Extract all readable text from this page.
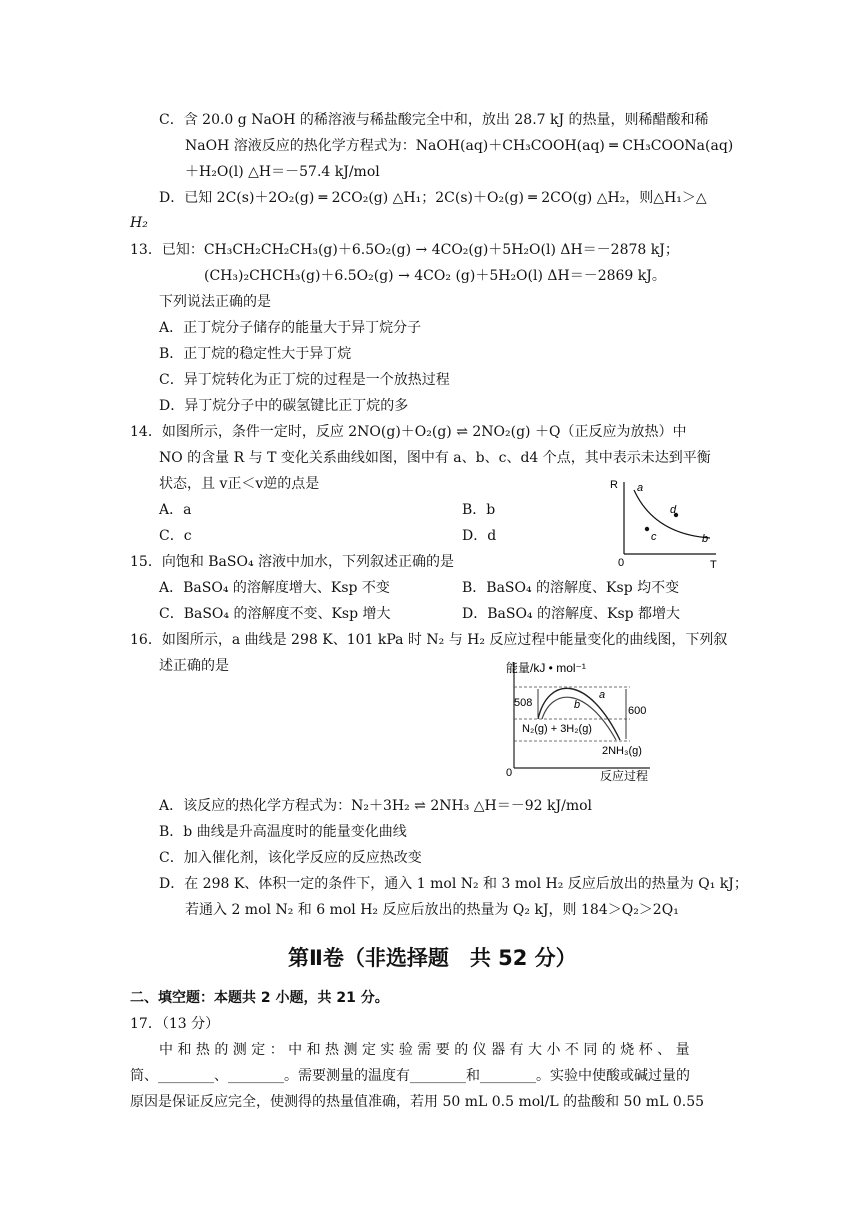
C．含 20.0 g NaOH 的稀溶液与稀盐酸完全中和，放出 28.7 kJ 的热量，则稀醋酸和稀
NaOH 溶液反应的热化学方程式为：NaOH(aq)＋CH₃COOH(aq) ═ CH₃COONa(aq)
＋H₂O(l) △H＝－57.4 kJ/mol
D．已知 2C(s)＋2O₂(g) ═ 2CO₂(g) △H₁；2C(s)＋O₂(g) ═ 2CO(g) △H₂，则△H₁＞△
H₂
13．已知：CH₃CH₂CH₂CH₃(g)＋6.5O₂(g) → 4CO₂(g)＋5H₂O(l) ΔH＝－2878 kJ；
(CH₃)₂CHCH₃(g)＋6.5O₂(g) → 4CO₂ (g)＋5H₂O(l) ΔH＝－2869 kJ。
下列说法正确的是
A．正丁烷分子储存的能量大于异丁烷分子
B．正丁烷的稳定性大于异丁烷
C．异丁烷转化为正丁烷的过程是一个放热过程
D．异丁烷分子中的碳氢键比正丁烷的多
14．如图所示，条件一定时，反应 2NO(g)＋O₂(g) ⇌ 2NO₂(g) ＋Q（正反应为放热）中
NO 的含量 R 与 T 变化关系曲线如图，图中有 a、b、c、d4 个点，其中表示未达到平衡
状态，且 v正＜v逆的点是
A．a	B．b
C．c	D．d
R
T
0
a
b
c
d
15．向饱和 BaSO₄ 溶液中加水，下列叙述正确的是
A．BaSO₄ 的溶解度增大、Ksp 不变	B．BaSO₄ 的溶解度、Ksp 均不变
C．BaSO₄ 的溶解度不变、Ksp 增大	D．BaSO₄ 的溶解度、Ksp 都增大
16．如图所示，a 曲线是 298 K、101 kPa 时 N₂ 与 H₂ 反应过程中能量变化的曲线图，下列叙
述正确的是	能量/kJ • mol⁻¹
反应过程
508
600
N₂(g) + 3H₂(g)
2NH₃(g)
a
b
0
A．该反应的热化学方程式为：N₂＋3H₂ ⇌ 2NH₃ △H＝－92 kJ/mol
B．b 曲线是升高温度时的能量变化曲线
C．加入催化剂，该化学反应的反应热改变
D．在 298 K、体积一定的条件下，通入 1 mol N₂ 和 3 mol H₂ 反应后放出的热量为 Q₁ kJ；
若通入 2 mol N₂ 和 6 mol H₂ 反应后放出的热量为 Q₂ kJ，则 184＞Q₂＞2Q₁
第Ⅱ卷（非选择题　共 52 分）
二、填空题：本题共 2 小题，共 21 分。
17．（13 分）
中 和 热 的 测 定 ： 中 和 热 测 定 实 验 需 要 的 仪 器 有 大 小 不 同 的 烧 杯 、 量
筒、________、________。需要测量的温度有________和________。实验中使酸或碱过量的
原因是保证反应完全，使测得的热量值准确，若用 50 mL 0.5 mol/L 的盐酸和 50 mL 0.55
